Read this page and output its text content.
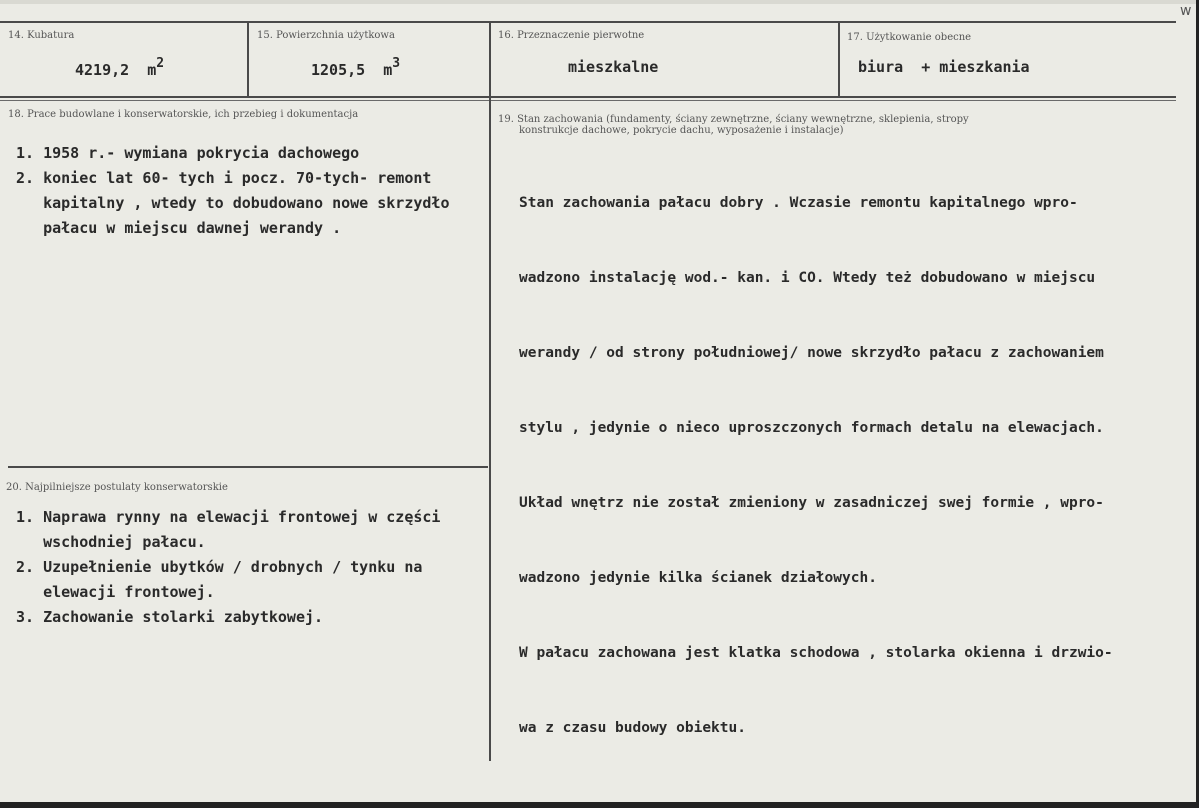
14. Kubatura
4219,2 $m^2$
15. Powierzchnia użytkowa
1205,5 $m^3$
16. Przeznaczenie pierwotne
mieszkalne
17. Użytkowanie obecne
biura  + mieszkania
18. Prace budowlane i konserwatorskie, ich przebieg i dokumentacja
1. 1958 r.- wymiana pokrycia dachowego
2. koniec lat 60- tych i pocz. 70-tych- remont
kapitalny , wtedy to dobudowano nowe skrzydło
pałacu w miejscu dawnej werandy .
19. Stan zachowania (fundamenty, ściany zewnętrzne, ściany wewnętrzne, sklepienia, stropy
konstrukcje dachowe, pokrycie dachu, wyposażenie i instalacje)

Stan zachowania pałacu dobry . Wczasie remontu kapitalnego wpro-

wadzono instalację wod.- kan. i CO. Wtedy też dobudowano w miejscu

werandy / od strony południowej/ nowe skrzydło pałacu z zachowaniem

stylu , jedynie o nieco uproszczonych formach detalu na elewacjach.

Układ wnętrz nie został zmieniony w zasadniczej swej formie , wpro-

wadzono jedynie kilka ścianek działowych.

W pałacu zachowana jest klatka schodowa , stolarka okienna i drzwio-

wa z czasu budowy obiektu.

20. Najpilniejsze postulaty konserwatorskie
1. Naprawa rynny na elewacji frontowej w części
wschodniej pałacu.
2. Uzupełnienie ubytków / drobnych / tynku na
elewacji frontowej.
3. Zachowanie stolarki zabytkowej.
w
